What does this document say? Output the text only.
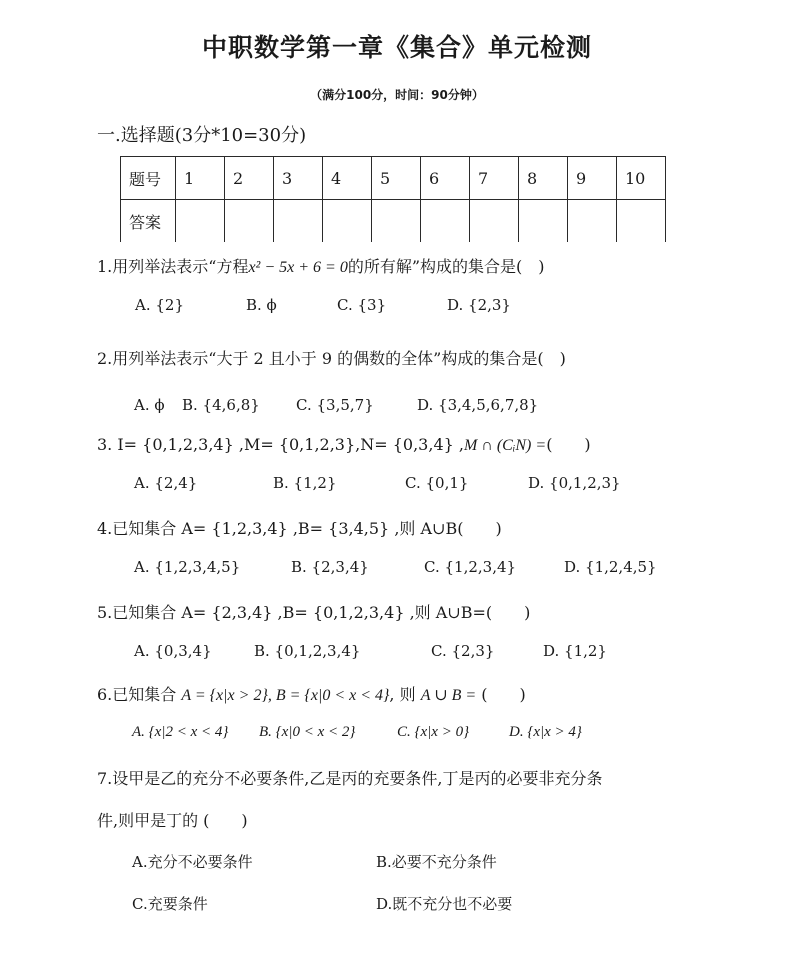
中职数学第一章《集合》单元检测
（满分100分，时间：90分钟）
一.选择题(3分*10=30分)
题号	1	2	3	4	5	6	7	8	9	10
答案										
1.用列举法表示“方程x² − 5x + 6 = 0的所有解”构成的集合是(　)
A. {2}	B. ϕ	C. {3}	D. {2,3}
2.用列举法表示“大于 2 且小于 9 的偶数的全体”构成的集合是(　)
A. ϕ B. {4,6,8} C. {3,5,7}	D. {3,4,5,6,7,8}
3. I= {0,1,2,3,4} ,M= {0,1,2,3},N= {0,3,4} ,M ∩ (CᵢN) =(　　)
A. {2,4}	B. {1,2}	C. {0,1}	D. {0,1,2,3}
4.已知集合 A= {1,2,3,4} ,B= {3,4,5} ,则 A∪B(　　)
A. {1,2,3,4,5}	B. {2,3,4}	C. {1,2,3,4}	D. {1,2,4,5}
5.已知集合 A= {2,3,4} ,B= {0,1,2,3,4} ,则 A∪B=(　　)
A. {0,3,4}	B. {0,1,2,3,4}	C. {2,3}	D. {1,2}
6.已知集合 A = {x|x > 2}, B = {x|0 < x < 4}, 则 A ∪ B = (　　)
A. {x|2 < x < 4} B. {x|0 < x < 2}	C. {x|x > 0}	D. {x|x > 4}
7.设甲是乙的充分不必要条件,乙是丙的充要条件,丁是丙的必要非充分条
件,则甲是丁的 (　　)
A.充分不必要条件	B.必要不充分条件
C.充要条件	D.既不充分也不必要
